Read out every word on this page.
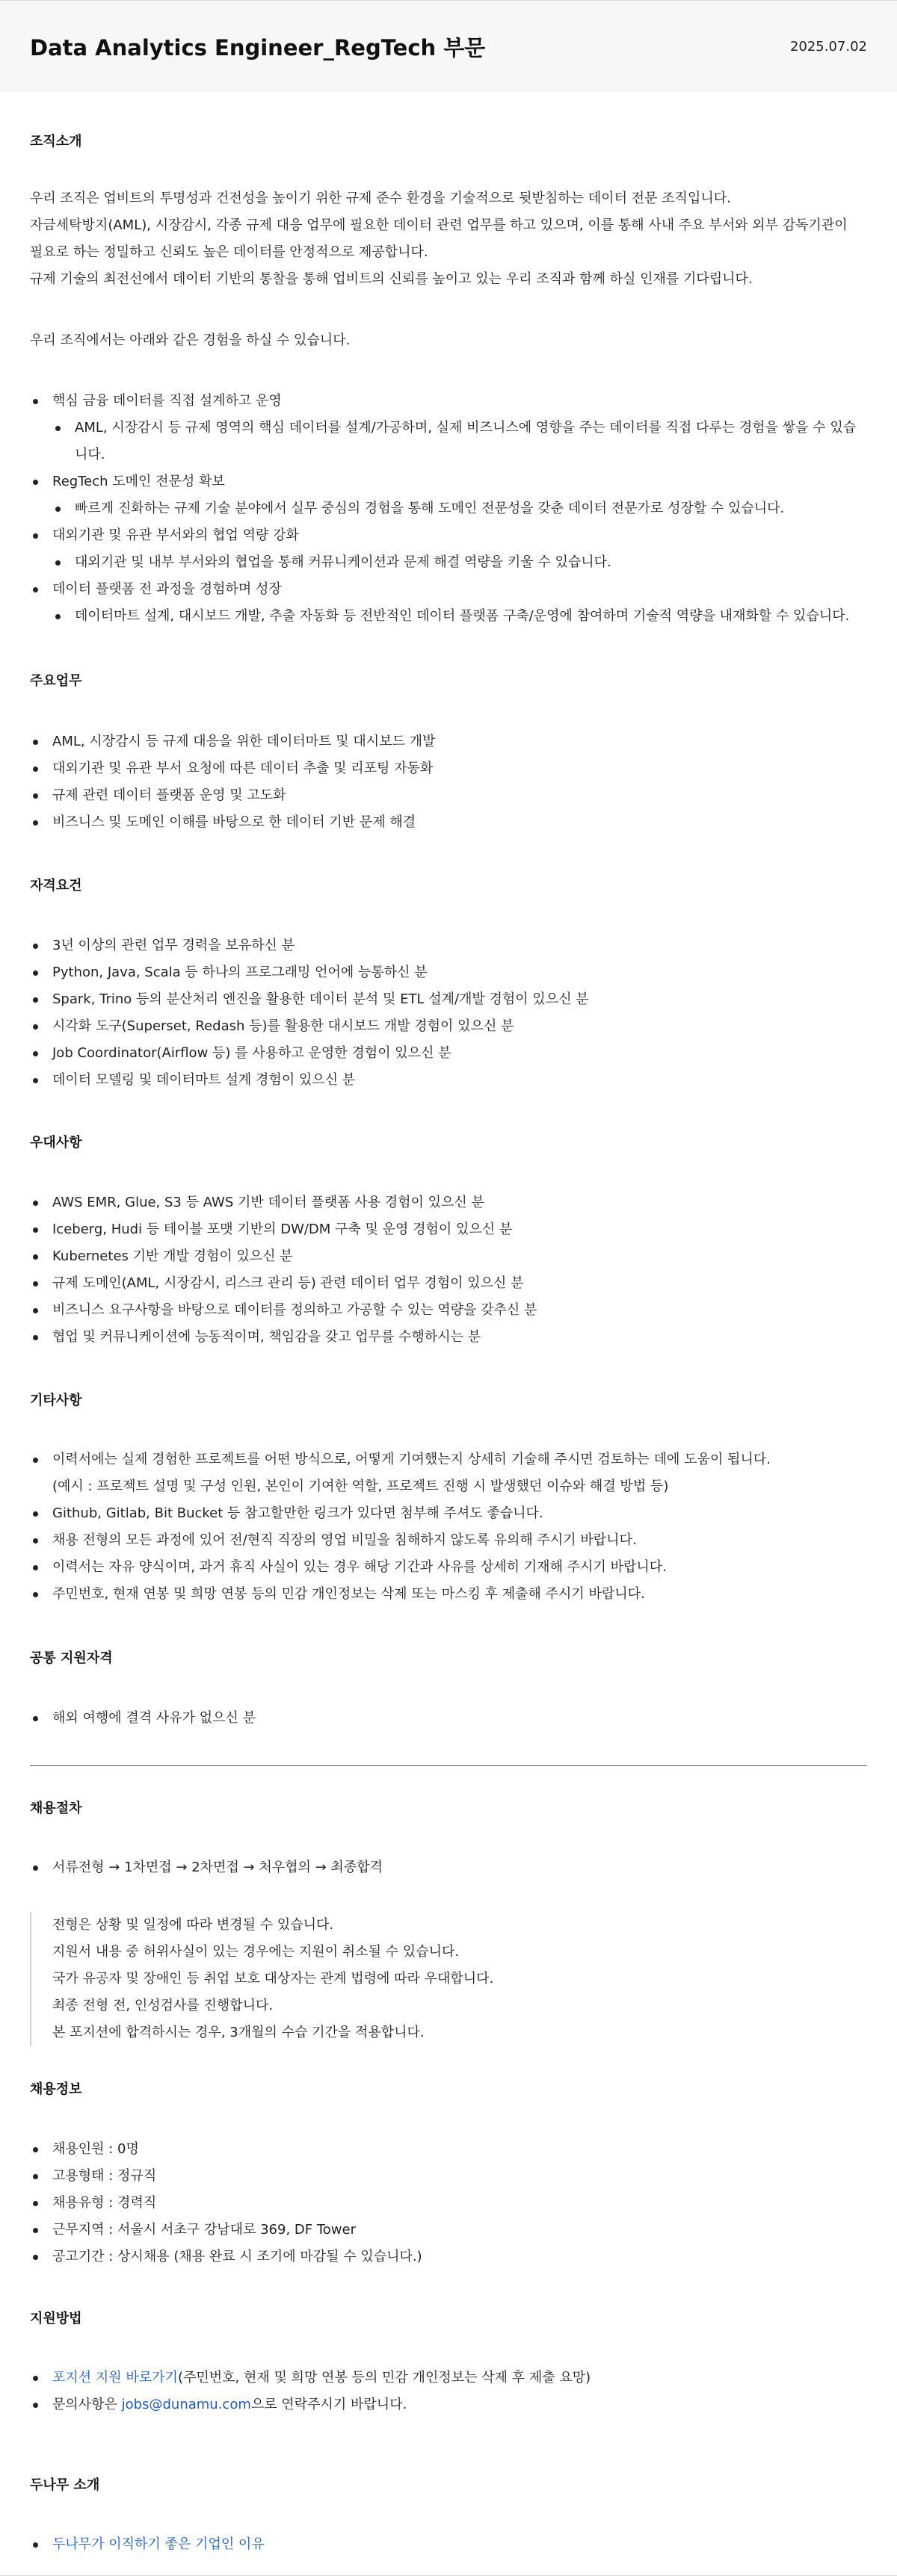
Data Analytics Engineer_RegTech 부문	2025.07.02
조직소개
우리 조직은 업비트의 투명성과 건전성을 높이기 위한 규제 준수 환경을 기술적으로 뒷받침하는 데이터 전문 조직입니다.
자금세탁방지(AML), 시장감시, 각종 규제 대응 업무에 필요한 데이터 관련 업무를 하고 있으며, 이를 통해 사내 주요 부서와 외부 감독기관이
필요로 하는 정밀하고 신뢰도 높은 데이터를 안정적으로 제공합니다.
규제 기술의 최전선에서 데이터 기반의 통찰을 통해 업비트의 신뢰를 높이고 있는 우리 조직과 함께 하실 인재를 기다립니다.
우리 조직에서는 아래와 같은 경험을 하실 수 있습니다.
핵심 금융 데이터를 직접 설계하고 운영
AML, 시장감시 등 규제 영역의 핵심 데이터를 설계/가공하며, 실제 비즈니스에 영향을 주는 데이터를 직접 다루는 경험을 쌓을 수 있습니다.
RegTech 도메인 전문성 확보
빠르게 진화하는 규제 기술 분야에서 실무 중심의 경험을 통해 도메인 전문성을 갖춘 데이터 전문가로 성장할 수 있습니다.
대외기관 및 유관 부서와의 협업 역량 강화
대외기관 및 내부 부서와의 협업을 통해 커뮤니케이션과 문제 해결 역량을 키울 수 있습니다.
데이터 플랫폼 전 과정을 경험하며 성장
데이터마트 설계, 대시보드 개발, 추출 자동화 등 전반적인 데이터 플랫폼 구축/운영에 참여하며 기술적 역량을 내재화할 수 있습니다.
주요업무
AML, 시장감시 등 규제 대응을 위한 데이터마트 및 대시보드 개발
대외기관 및 유관 부서 요청에 따른 데이터 추출 및 리포팅 자동화
규제 관련 데이터 플랫폼 운영 및 고도화
비즈니스 및 도메인 이해를 바탕으로 한 데이터 기반 문제 해결
자격요건
3년 이상의 관련 업무 경력을 보유하신 분
Python, Java, Scala 등 하나의 프로그래밍 언어에 능통하신 분
Spark, Trino 등의 분산처리 엔진을 활용한 데이터 분석 및 ETL 설계/개발 경험이 있으신 분
시각화 도구(Superset, Redash 등)를 활용한 대시보드 개발 경험이 있으신 분
Job Coordinator(Airflow 등) 를 사용하고 운영한 경험이 있으신 분
데이터 모델링 및 데이터마트 설계 경험이 있으신 분
우대사항
AWS EMR, Glue, S3 등 AWS 기반 데이터 플랫폼 사용 경험이 있으신 분
Iceberg, Hudi 등 테이블 포맷 기반의 DW/DM 구축 및 운영 경험이 있으신 분
Kubernetes 기반 개발 경험이 있으신 분
규제 도메인(AML, 시장감시, 리스크 관리 등) 관련 데이터 업무 경험이 있으신 분
비즈니스 요구사항을 바탕으로 데이터를 정의하고 가공할 수 있는 역량을 갖추신 분
협업 및 커뮤니케이션에 능동적이며, 책임감을 갖고 업무를 수행하시는 분
기타사항
이력서에는 실제 경험한 프로젝트를 어떤 방식으로, 어떻게 기여했는지 상세히 기술해 주시면 검토하는 데에 도움이 됩니다.
(예시 : 프로젝트 설명 및 구성 인원, 본인이 기여한 역할, 프로젝트 진행 시 발생했던 이슈와 해결 방법 등)
Github, Gitlab, Bit Bucket 등 참고할만한 링크가 있다면 첨부해 주셔도 좋습니다.
채용 전형의 모든 과정에 있어 전/현직 직장의 영업 비밀을 침해하지 않도록 유의해 주시기 바랍니다.
이력서는 자유 양식이며, 과거 휴직 사실이 있는 경우 해당 기간과 사유를 상세히 기재해 주시기 바랍니다.
주민번호, 현재 연봉 및 희망 연봉 등의 민감 개인정보는 삭제 또는 마스킹 후 제출해 주시기 바랍니다.
공통 지원자격
해외 여행에 결격 사유가 없으신 분
채용절차
서류전형 → 1차면접 → 2차면접 → 처우협의 → 최종합격

전형은 상황 및 일정에 따라 변경될 수 있습니다.

지원서 내용 중 허위사실이 있는 경우에는 지원이 취소될 수 있습니다.

국가 유공자 및 장애인 등 취업 보호 대상자는 관계 법령에 따라 우대합니다.

최종 전형 전, 인성검사를 진행합니다.

본 포지션에 합격하시는 경우, 3개월의 수습 기간을 적용합니다.

채용정보
채용인원 : 0명
고용형태 : 정규직
채용유형 : 경력직
근무지역 : 서울시 서초구 강남대로 369, DF Tower
공고기간 : 상시채용 (채용 완료 시 조기에 마감될 수 있습니다.)
지원방법
포지션 지원 바로가기(주민번호, 현재 및 희망 연봉 등의 민감 개인정보는 삭제 후 제출 요망)
문의사항은 jobs@dunamu.com으로 연락주시기 바랍니다.
두나무 소개
두나무가 이직하기 좋은 기업인 이유
